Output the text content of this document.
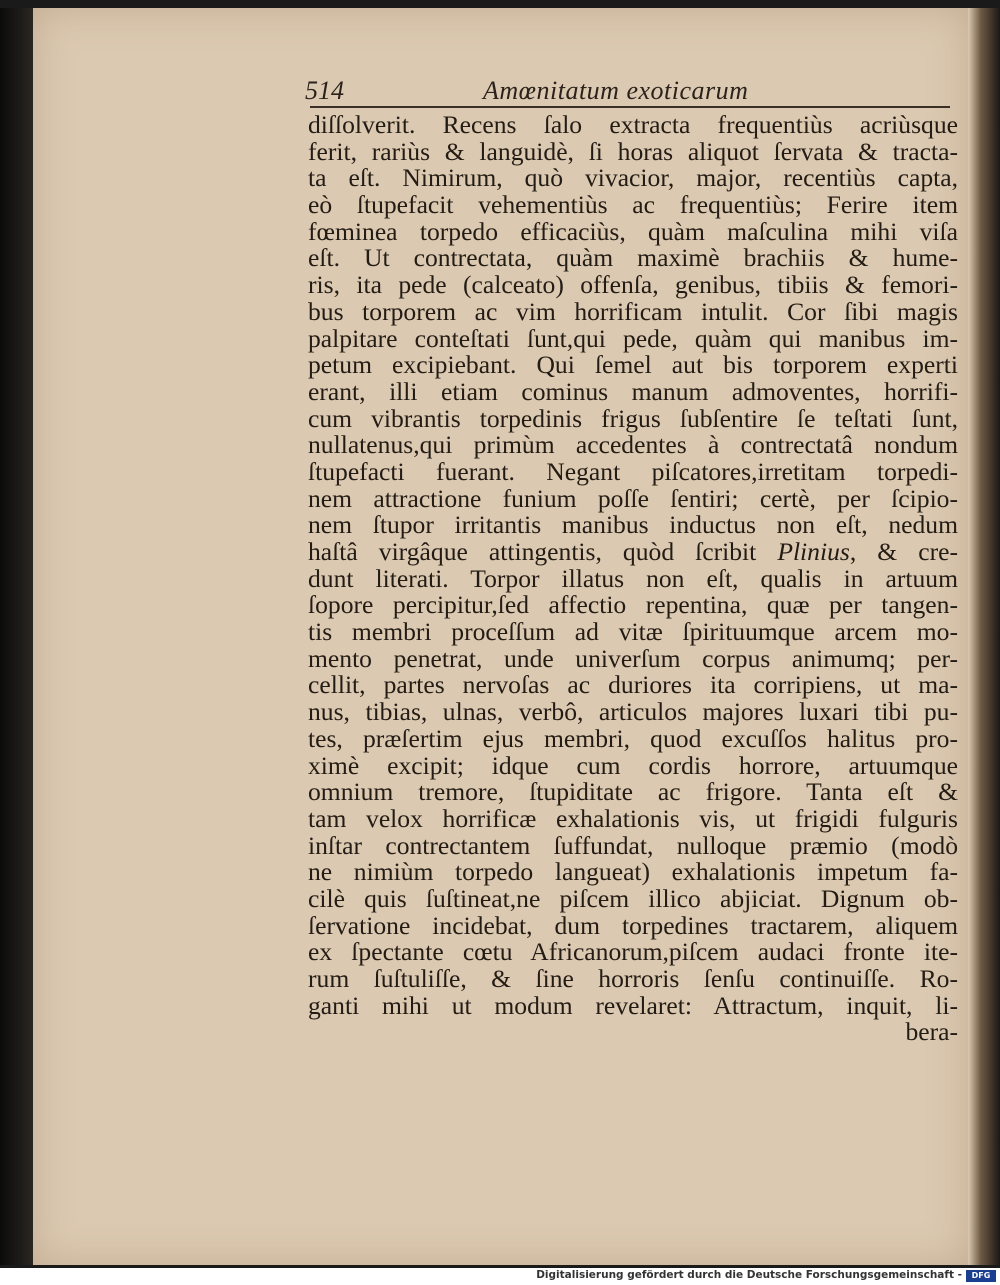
514	Amœnitatum exoticarum
diſſolverit. Recens ſalo extracta frequentiùs acriùsque
ferit, rariùs & languidè, ſi horas aliquot ſervata & tracta-
ta eſt. Nimirum, quò vivacior, major, recentiùs capta,
eò ſtupefacit vehementiùs ac frequentiùs; Ferire item
fœminea torpedo efficaciùs, quàm maſculina mihi viſa
eſt. Ut contrectata, quàm maximè brachiis & hume-
ris, ita pede (calceato) offenſa, genibus, tibiis & femori-
bus torporem ac vim horrificam intulit. Cor ſibi magis
palpitare conteſtati ſunt,qui pede, quàm qui manibus im-
petum excipiebant. Qui ſemel aut bis torporem experti
erant, illi etiam cominus manum admoventes, horrifi-
cum vibrantis torpedinis frigus ſubſentire ſe teſtati ſunt,
nullatenus,qui primùm accedentes à contrectatâ nondum
ſtupefacti fuerant. Negant piſcatores,irretitam torpedi-
nem attractione funium poſſe ſentiri; certè, per ſcipio-
nem ſtupor irritantis manibus inductus non eſt, nedum
haſtâ virgâque attingentis, quòd ſcribit Plinius, & cre-
dunt literati. Torpor illatus non eſt, qualis in artuum
ſopore percipitur,ſed affectio repentina, quæ per tangen-
tis membri proceſſum ad vitæ ſpirituumque arcem mo-
mento penetrat, unde univerſum corpus animumq; per-
cellit, partes nervoſas ac duriores ita corripiens, ut ma-
nus, tibias, ulnas, verbô, articulos majores luxari tibi pu-
tes, præſertim ejus membri, quod excuſſos halitus pro-
ximè excipit; idque cum cordis horrore, artuumque
omnium tremore, ſtupiditate ac frigore. Tanta eſt &
tam velox horrificæ exhalationis vis, ut frigidi fulguris
inſtar contrectantem ſuffundat, nulloque præmio (modò
ne nimiùm torpedo langueat) exhalationis impetum fa-
cilè quis ſuſtineat,ne piſcem illico abjiciat. Dignum ob-
ſervatione incidebat, dum torpedines tractarem, aliquem
ex ſpectante cœtu Africanorum,piſcem audaci fronte ite-
rum ſuſtuliſſe, & ſine horroris ſenſu continuiſſe. Ro-
ganti mihi ut modum revelaret: Attractum, inquit, li-
bera-
Digitalisierung gefördert durch die Deutsche Forschungsgemeinschaft -	DFG
